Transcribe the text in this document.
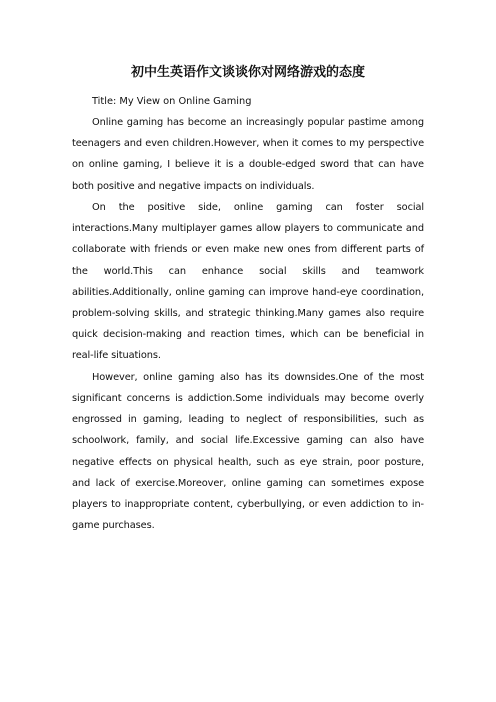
初中生英语作文谈谈你对网络游戏的态度

Title: My View on Online Gaming

Online gaming has become an increasingly popular pastime among teenagers and even children.However, when it comes to my perspective on online gaming, I believe it is a double-edged sword that can have both positive and negative impacts on individuals.

On the positive side, online gaming can foster social interactions.Many multiplayer games allow players to communicate and collaborate with friends or even make new ones from different parts of the world.This can enhance social skills and teamwork abilities.Additionally, online gaming can improve hand-eye coordination, problem-solving skills, and strategic thinking.Many games also require quick decision-making and reaction times, which can be beneficial in real-life situations.

However, online gaming also has its downsides.One of the most significant concerns is addiction.Some individuals may become overly engrossed in gaming, leading to neglect of responsibilities, such as schoolwork, family, and social life.Excessive gaming can also have negative effects on physical health, such as eye strain, poor posture, and lack of exercise.Moreover, online gaming can sometimes expose players to inappropriate content, cyberbullying, or even addiction to in-game purchases.
